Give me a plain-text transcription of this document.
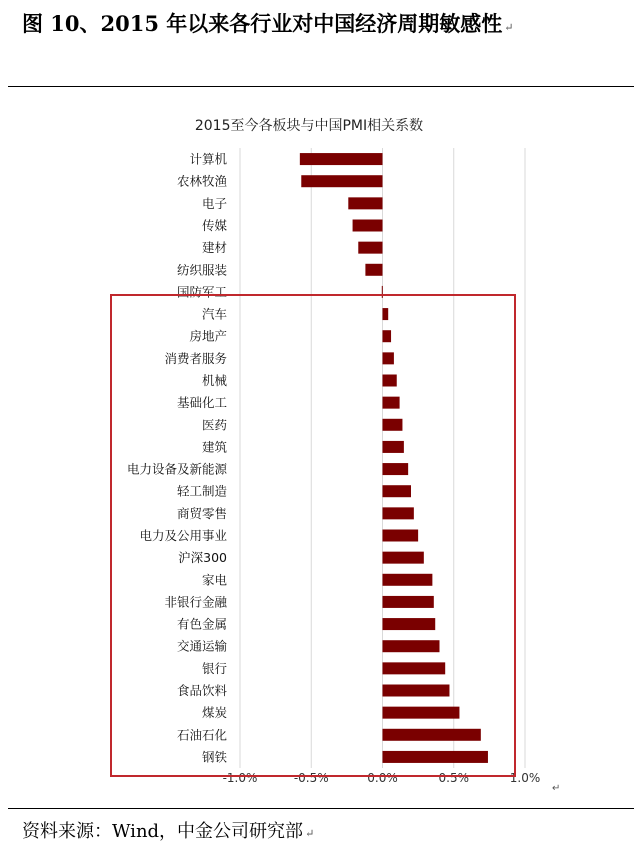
图 10、2015 年以来各行业对中国经济周期敏感性 ↵
2015至今各板块与中国PMI相关系数
计算机
农林牧渔
电子
传媒
建材
纺织服装
国防军工
汽车
房地产
消费者服务
机械
基础化工
医药
建筑
电力设备及新能源
轻工制造
商贸零售
电力及公用事业
沪深300
家电
非银行金融
有色金属
交通运输
银行
食品饮料
煤炭
石油石化
钢铁
-1.0%	-0.5%	0.0%	0.5%	1.0%
↵
资料来源：Wind，中金公司研究部 ↵
